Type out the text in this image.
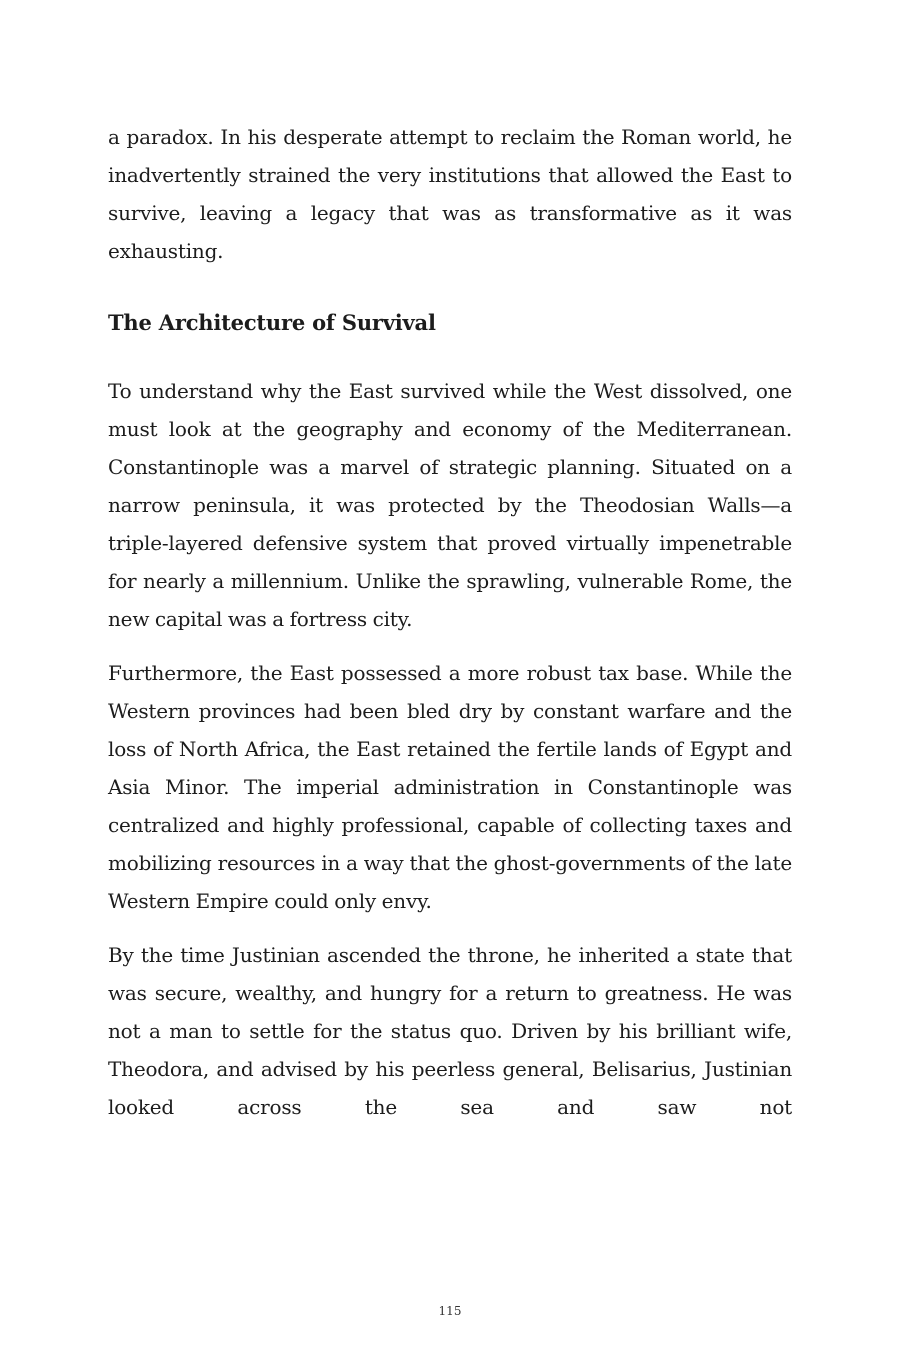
a paradox. In his desperate attempt to reclaim the Roman world, he inadvertently strained the very institutions that allowed the East to survive, leaving a legacy that was as transformative as it was exhausting.

The Architecture of Survival

To understand why the East survived while the West dissolved, one must look at the geography and economy of the Mediterranean. Constantinople was a marvel of strategic planning. Situated on a narrow peninsula, it was protected by the Theodosian Walls—a triple-layered defensive system that proved virtually impenetrable for nearly a millennium. Unlike the sprawling, vulnerable Rome, the new capital was a fortress city.

Furthermore, the East possessed a more robust tax base. While the Western provinces had been bled dry by constant warfare and the loss of North Africa, the East retained the fertile lands of Egypt and Asia Minor. The imperial administration in Constantinople was centralized and highly professional, capable of collecting taxes and mobilizing resources in a way that the ghost-governments of the late Western Empire could only envy.

By the time Justinian ascended the throne, he inherited a state that was secure, wealthy, and hungry for a return to greatness. He was not a man to settle for the status quo. Driven by his brilliant wife, Theodora, and advised by his peerless general, Belisarius, Justinian looked across the sea and saw not

115
